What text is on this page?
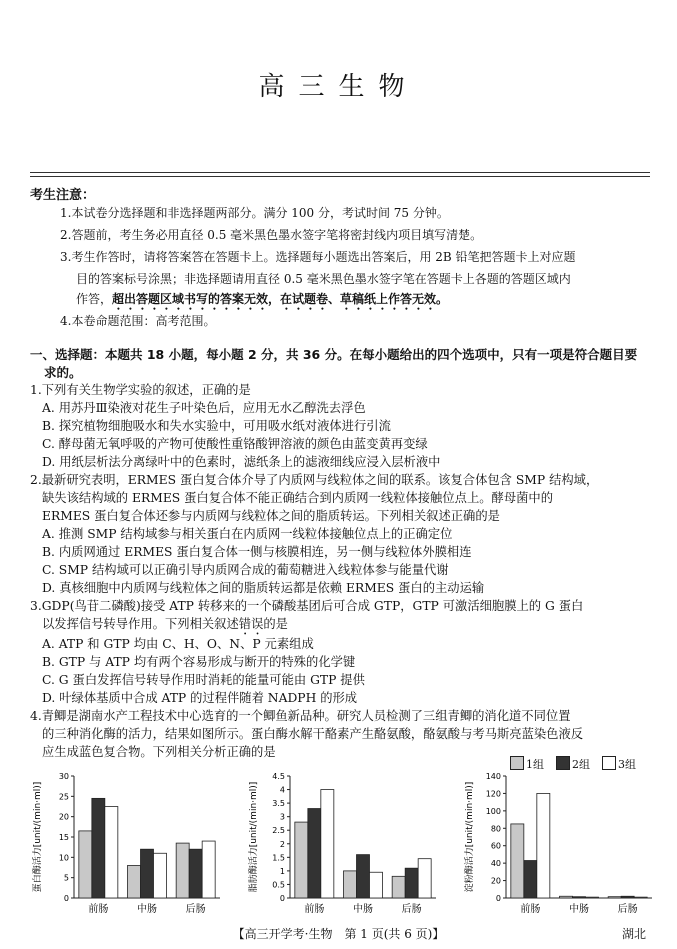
高三生物
考生注意：
1.本试卷分选择题和非选择题两部分。满分 100 分，考试时间 75 分钟。
2.答题前，考生务必用直径 0.5 毫米黑色墨水签字笔将密封线内项目填写清楚。
3.考生作答时，请将答案答在答题卡上。选择题每小题选出答案后，用 2B 铅笔把答题卡上对应题
目的答案标号涂黑；非选择题请用直径 0.5 毫米黑色墨水签字笔在答题卡上各题的答题区域内
作答，超出答题区域书写的答案无效，在试题卷、草稿纸上作答无效。
4.本卷命题范围：高考范围。
一、选择题：本题共 18 小题，每小题 2 分，共 36 分。在每小题给出的四个选项中，只有一项是符合题目要
求的。
1.下列有关生物学实验的叙述，正确的是
A. 用苏丹Ⅲ染液对花生子叶染色后，应用无水乙醇洗去浮色
B. 探究植物细胞吸水和失水实验中，可用吸水纸对液体进行引流
C. 酵母菌无氧呼吸的产物可使酸性重铬酸钾溶液的颜色由蓝变黄再变绿
D. 用纸层析法分离绿叶中的色素时，滤纸条上的滤液细线应浸入层析液中
2.最新研究表明，ERMES 蛋白复合体介导了内质网与线粒体之间的联系。该复合体包含 SMP 结构域，
缺失该结构域的 ERMES 蛋白复合体不能正确结合到内质网一线粒体接触位点上。酵母菌中的
ERMES 蛋白复合体还参与内质网与线粒体之间的脂质转运。下列相关叙述正确的是
A. 推测 SMP 结构域参与相关蛋白在内质网一线粒体接触位点上的正确定位
B. 内质网通过 ERMES 蛋白复合体一侧与核膜相连，另一侧与线粒体外膜相连
C. SMP 结构域可以正确引导内质网合成的葡萄糖进入线粒体参与能量代谢
D. 真核细胞中内质网与线粒体之间的脂质转运都是依赖 ERMES 蛋白的主动运输
3.GDP(鸟苷二磷酸)接受 ATP 转移来的一个磷酸基团后可合成 GTP，GTP 可激活细胞膜上的 G 蛋白
以发挥信号转导作用。下列相关叙述错误的是
A. ATP 和 GTP 均由 C、H、O、N、P 元素组成
B. GTP 与 ATP 均有两个容易形成与断开的特殊的化学键
C. G 蛋白发挥信号转导作用时消耗的能量可能由 GTP 提供
D. 叶绿体基质中合成 ATP 的过程伴随着 NADPH 的形成
4.青鲫是湖南水产工程技术中心选育的一个鲫鱼新品种。研究人员检测了三组青鲫的消化道不同位置
的三种消化酶的活力，结果如图所示。蛋白酶水解干酪素产生酪氨酸，酪氨酸与考马斯亮蓝染色液反
应生成蓝色复合物。下列相关分析正确的是
1组	2组	3组
0
5
10
15
20
25
30
蛋白酶活力[unit/(min·ml)]
前肠	中肠	后肠
0
0.5
1
1.5
2
2.5
3
3.5
4
4.5
脂肪酶活力[unit/(min·ml)]
前肠	中肠	后肠
0
20
40
60
80
100
120
140
淀粉酶活力[unit/(min·ml)]
前肠	中肠	后肠
【高三开学考·生物　第 1 页(共 6 页)】	湖北
